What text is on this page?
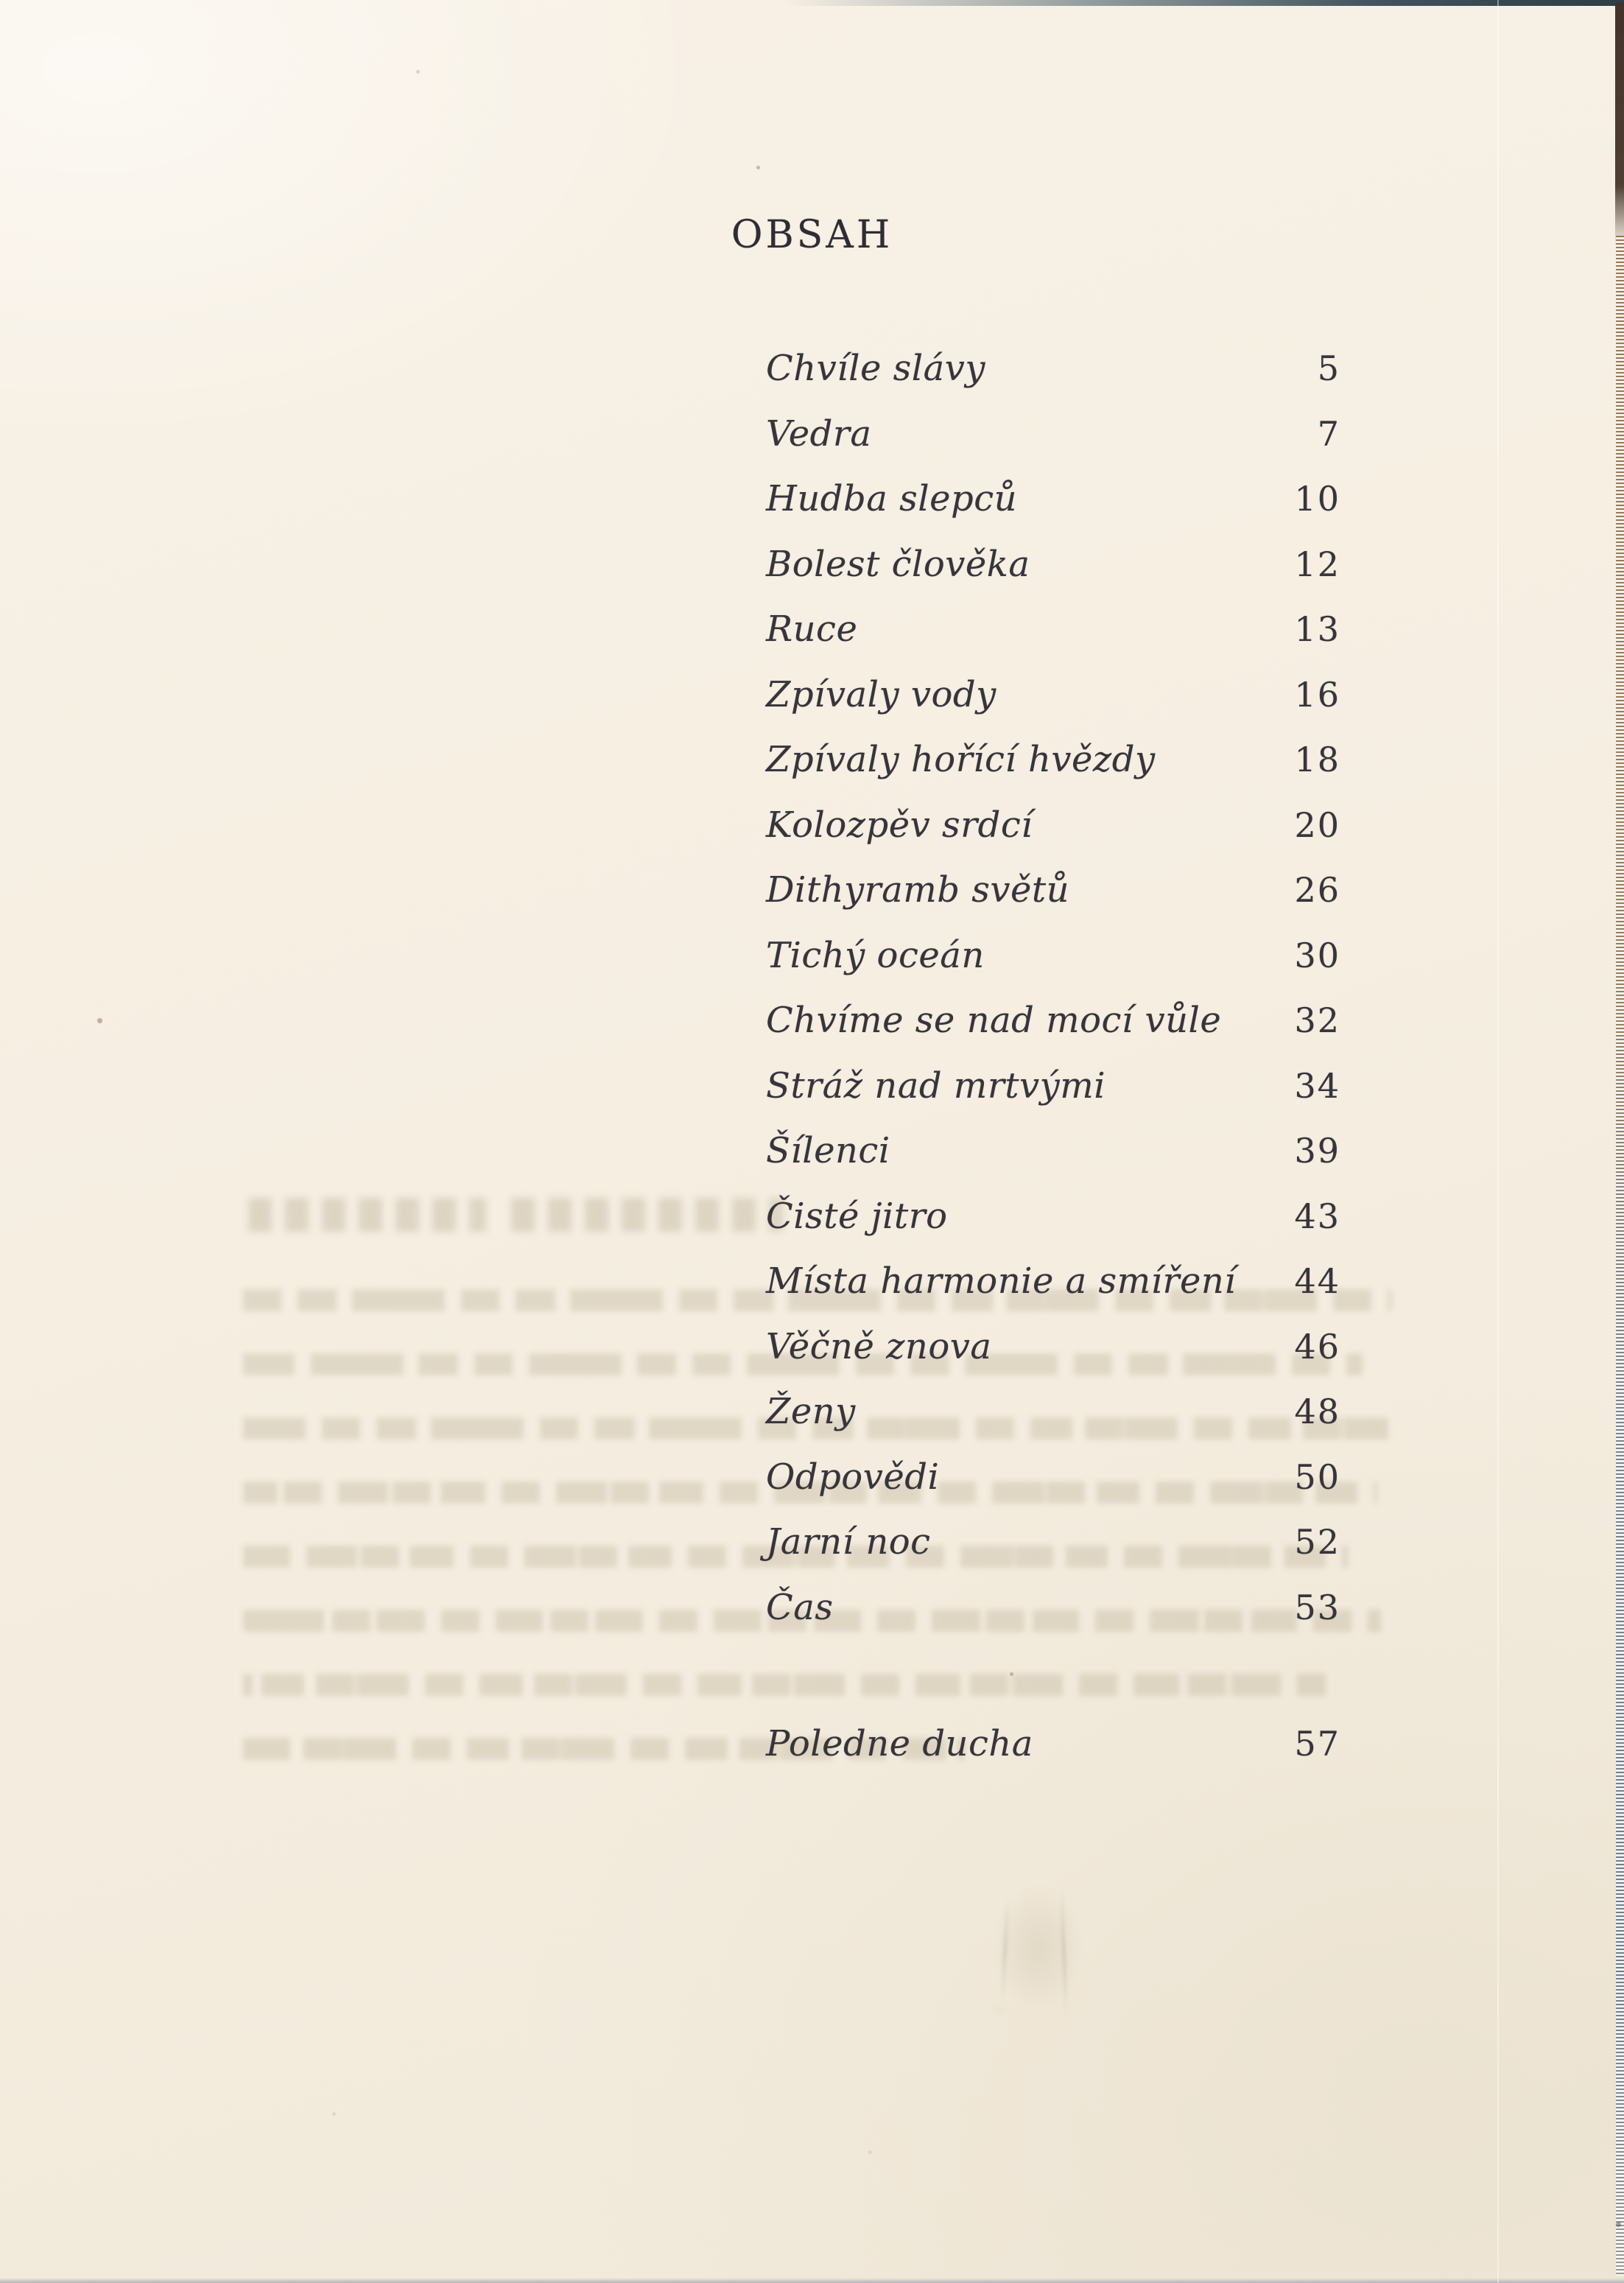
OBSAH
Chvíle slávy	5
Vedra	7
Hudba slepců	10
Bolest člověka	12
Ruce	13
Zpívaly vody	16
Zpívaly hořící hvězdy	18
Kolozpěv srdcí	20
Dithyramb světů	26
Tichý oceán	30
Chvíme se nad mocí vůle 32
Stráž nad mrtvými	34
Šílenci	39
Čisté jitro	43
Místa harmonie a smíření 44
Věčně znova	46
Ženy	48
Odpovědi	50
Jarní noc	52
Čas	53
Poledne ducha	57
